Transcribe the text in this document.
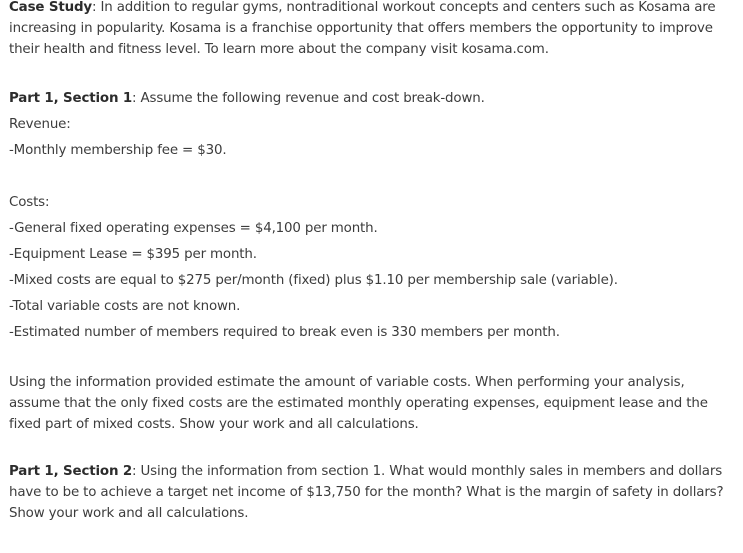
Case Study: In addition to regular gyms, nontraditional workout concepts and centers such as Kosama are increasing in popularity. Kosama is a franchise opportunity that offers members the opportunity to improve their health and fitness level. To learn more about the company visit kosama.com.

Part 1, Section 1: Assume the following revenue and cost break-down.

Revenue:

-Monthly membership fee = $30.

Costs:

-General fixed operating expenses = $4,100 per month.

-Equipment Lease = $395 per month.

-Mixed costs are equal to $275 per/month (fixed) plus $1.10 per membership sale (variable).

-Total variable costs are not known.

-Estimated number of members required to break even is 330 members per month.

Using the information provided estimate the amount of variable costs. When performing your analysis, assume that the only fixed costs are the estimated monthly operating expenses, equipment lease and the fixed part of mixed costs. Show your work and all calculations.

Part 1, Section 2: Using the information from section 1. What would monthly sales in members and dollars have to be to achieve a target net income of $13,750 for the month? What is the margin of safety in dollars? Show your work and all calculations.
